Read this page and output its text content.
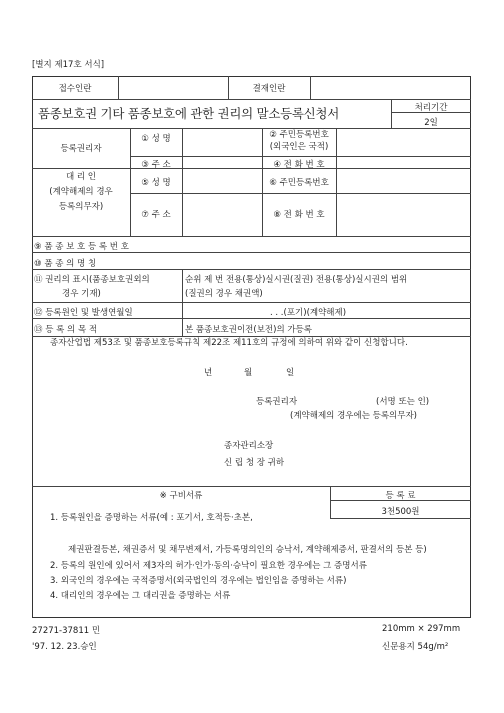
[별지 제17호 서식]
접수인란	결재인란
품종보호권 기타 품종보호에 관한 권리의 말소등록신청서	처리기간
2일
등록권리자
① 성 명	② 주민등록번호
(외국인은 국적)
③ 주 소	④ 전 화 번 호
대 리 인
(계약해제의 경우
등록의무자)
⑤ 성 명	⑥ 주민등록번호
⑦ 주 소	⑧ 전 화 번 호
⑨ 품 종 보 호 등 록 번 호
⑩ 품 종 의 명 칭
⑪ 권리의 표시(품종보호권외의
경우 기재)
순위 제 번 전용(통상)실시권(질권) 전용(통상)실시권의 범위
(질권의 경우 채권액)
⑫ 등록원인 및 발생연월일	. . .(포기)(계약해제)
⑬ 등 록 의 목 적	본 품종보호권이전(보전)의 가등록
종자산업법 제53조 및 품종보호등록규칙 제22조 제11호의 규정에 의하여 위와 같이 신청합니다.
년	월	일
등록권리자	(서명 또는 인)
(계약해제의 경우에는 등록의무자)
종자관리소장
신 립 청 장 귀하
※ 구비서류	등 록 료
3천500원
1. 등록원인을 증명하는 서류(예 : 포기서, 호적등·초본,
제권판결등본, 채권증서 및 채무변제서, 가등록명의인의 승낙서, 계약해제증서, 판결서의 등본 등)
2. 등록의 원인에 있어서 제3자의 허가·인가·동의·승낙이 필요한 경우에는 그 증명서류
3. 외국인의 경우에는 국적증명서(외국법인의 경우에는 법인임을 증명하는 서류)
4. 대리인의 경우에는 그 대리권을 증명하는 서류
27271-37811 민
'97. 12. 23.승인
210mm × 297mm
신문용지 54g/m²
